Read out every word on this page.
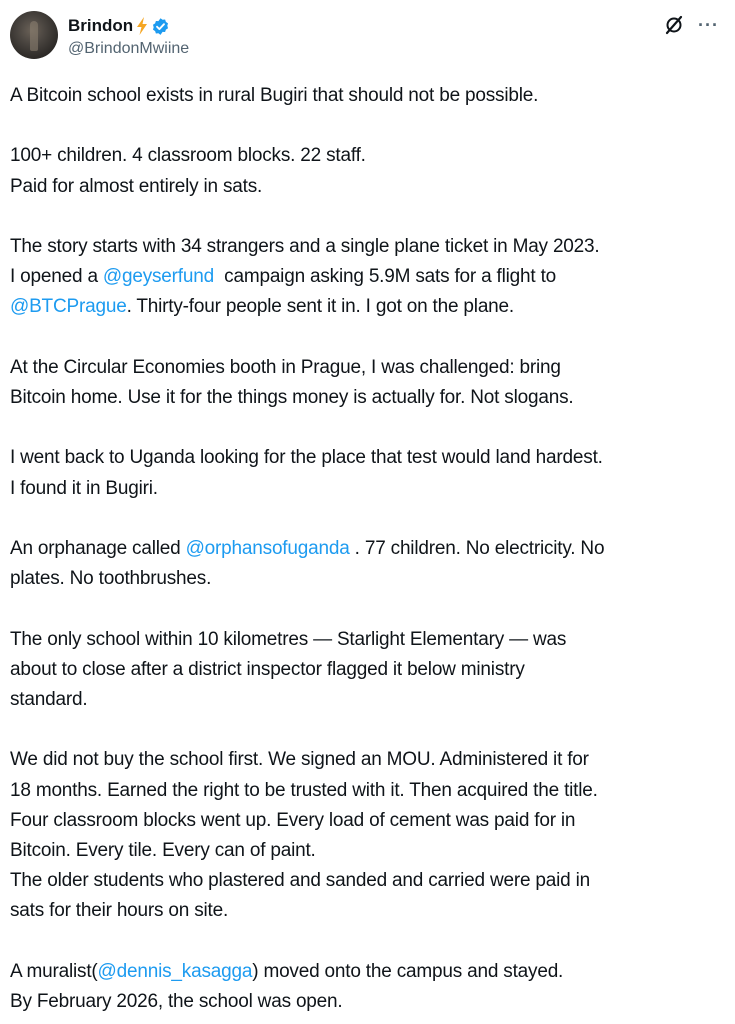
Brindon
@BrindonMwiine
···
A Bitcoin school exists in rural Bugiri that should not be possible.
100+ children. 4 classroom blocks. 22 staff.
Paid for almost entirely in sats.
The story starts with 34 strangers and a single plane ticket in May 2023.
I opened a @geyserfund  campaign asking 5.9M sats for a flight to
@BTCPrague. Thirty-four people sent it in. I got on the plane.
At the Circular Economies booth in Prague, I was challenged: bring
Bitcoin home. Use it for the things money is actually for. Not slogans.
I went back to Uganda looking for the place that test would land hardest.
I found it in Bugiri.
An orphanage called @orphansofuganda . 77 children. No electricity. No
plates. No toothbrushes.
The only school within 10 kilometres — Starlight Elementary — was
about to close after a district inspector flagged it below ministry
standard.
We did not buy the school first. We signed an MOU. Administered it for
18 months. Earned the right to be trusted with it. Then acquired the title.
Four classroom blocks went up. Every load of cement was paid for in
Bitcoin. Every tile. Every can of paint.
The older students who plastered and sanded and carried were paid in
sats for their hours on site.
A muralist(@dennis_kasagga) moved onto the campus and stayed.
By February 2026, the school was open.
